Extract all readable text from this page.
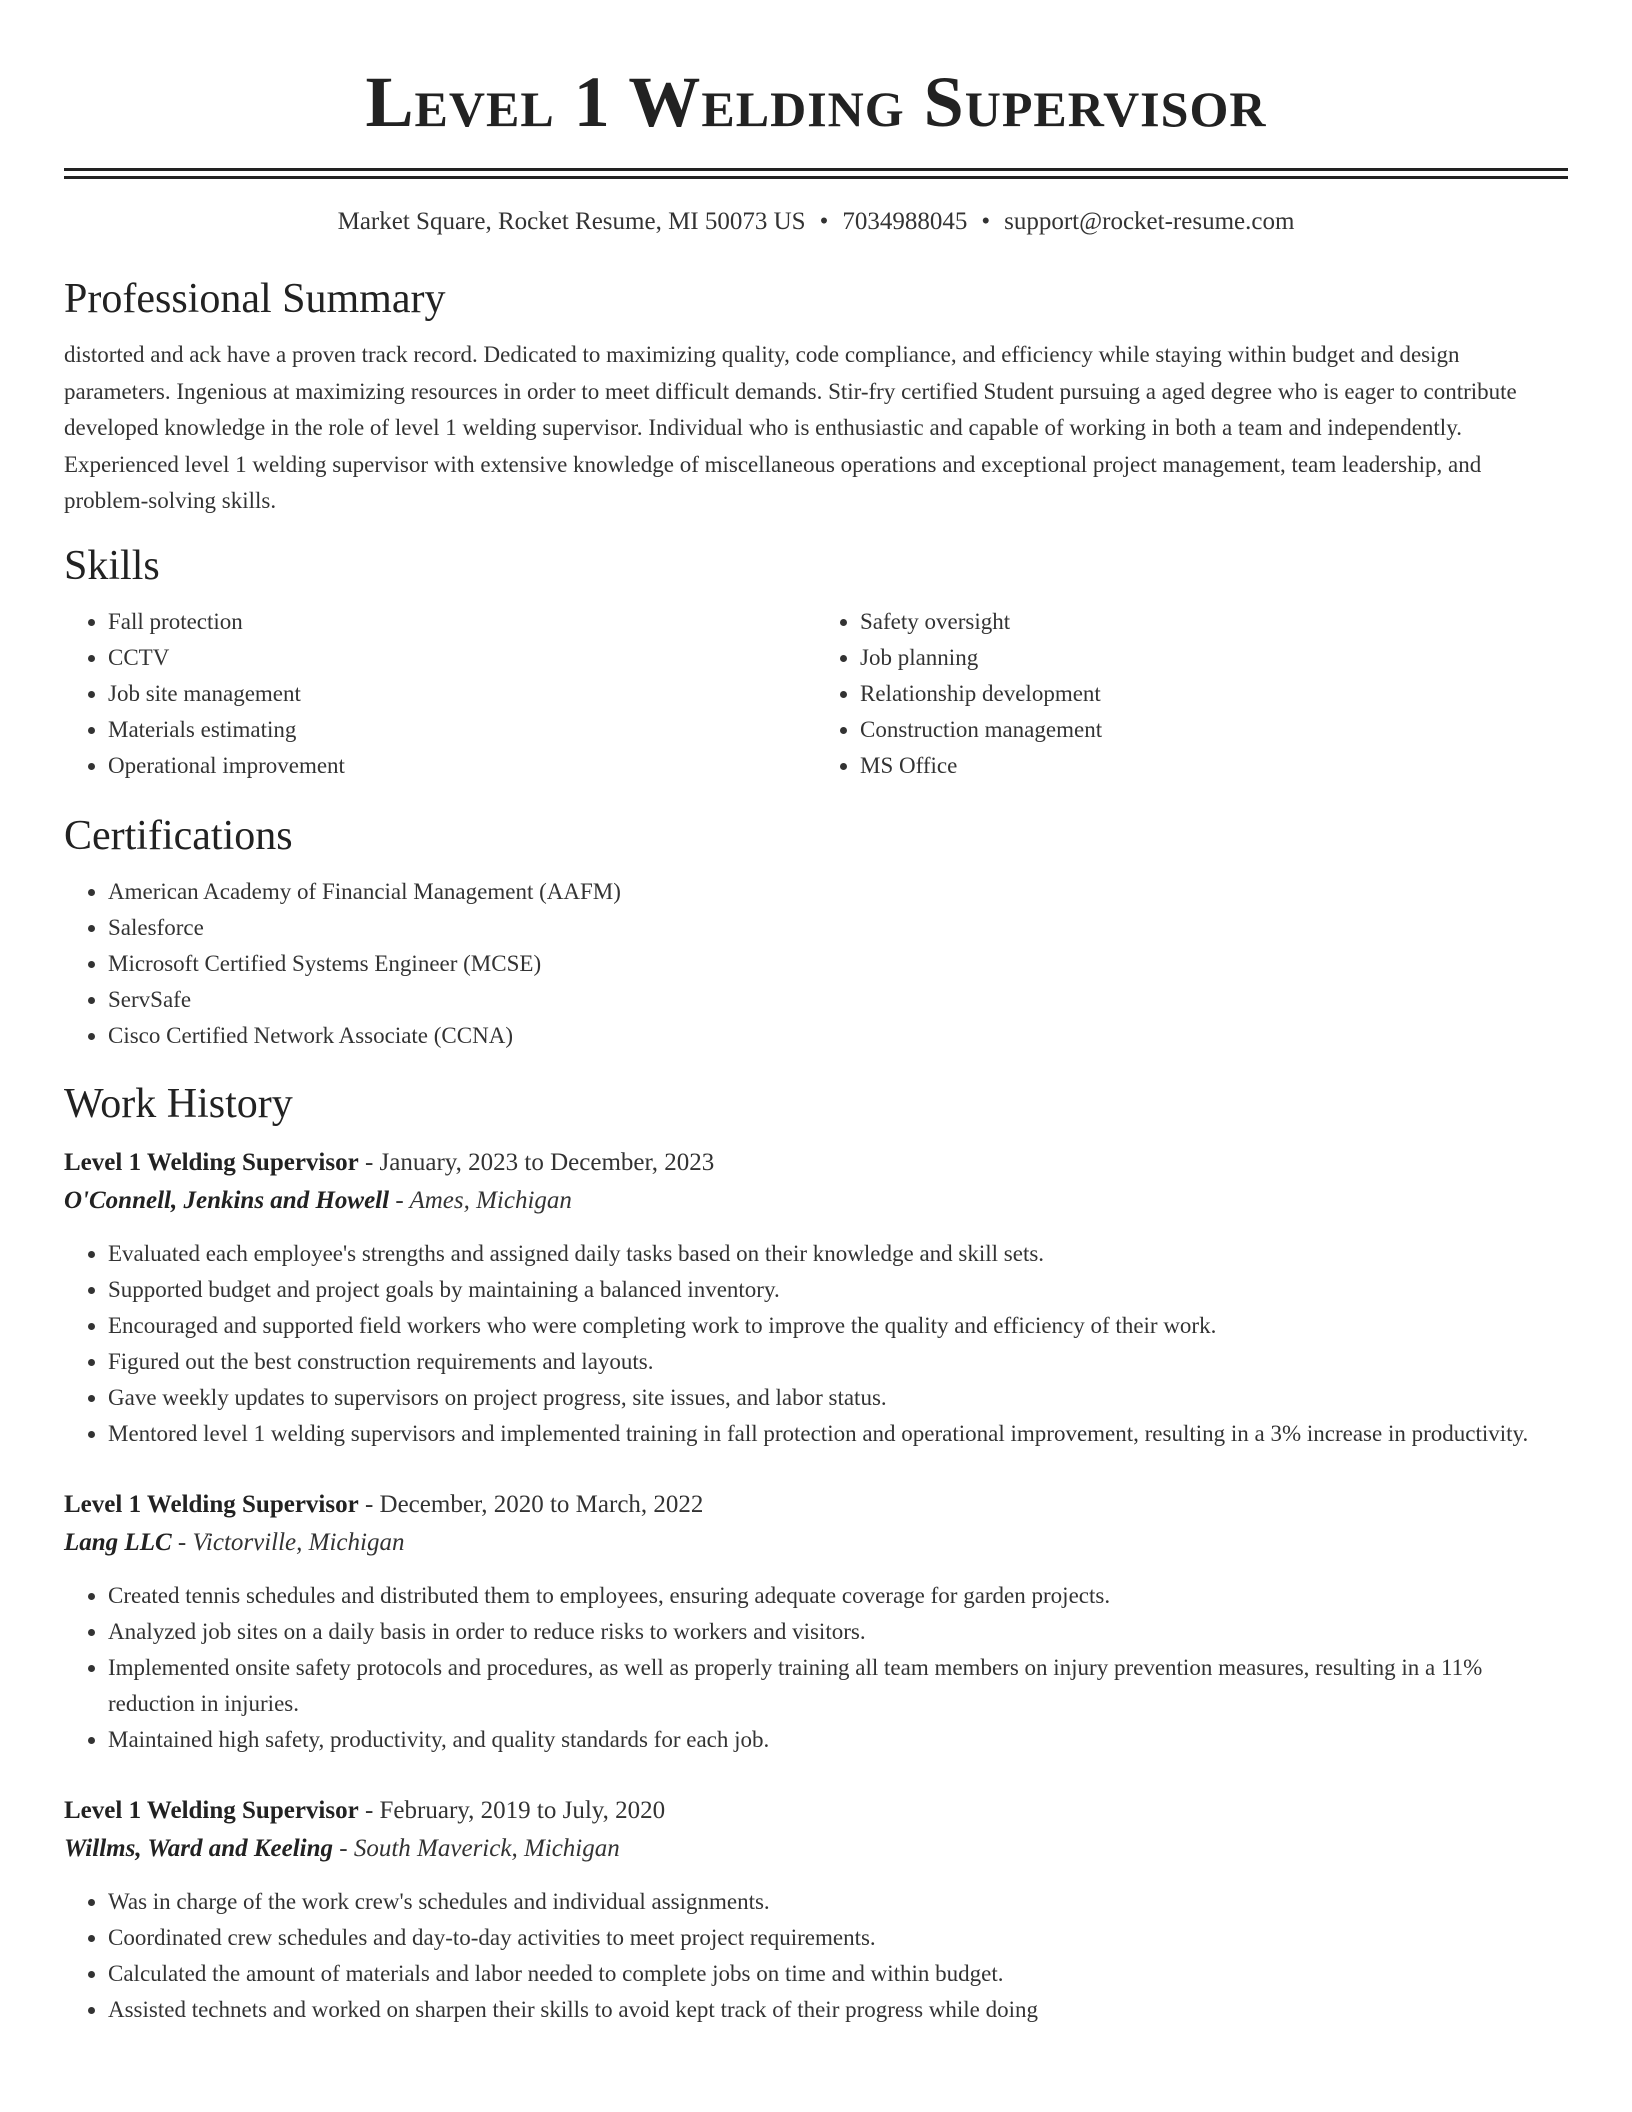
Level 1 Welding Supervisor
Market Square, Rocket Resume, MI 50073 US • 7034988045 • support@rocket-resume.com
Professional Summary
distorted and ack have a proven track record. Dedicated to maximizing quality, code compliance, and efficiency while staying within budget and design parameters. Ingenious at maximizing resources in order to meet difficult demands. Stir-fry certified Student pursuing a aged degree who is eager to contribute developed knowledge in the role of level 1 welding supervisor. Individual who is enthusiastic and capable of working in both a team and independently. Experienced level 1 welding supervisor with extensive knowledge of miscellaneous operations and exceptional project management, team leadership, and problem-solving skills.
Skills
• Fall protection
• CCTV
• Job site management
• Materials estimating
• Operational improvement
• Safety oversight
• Job planning
• Relationship development
• Construction management
• MS Office
Certifications
• American Academy of Financial Management (AAFM)
• Salesforce
• Microsoft Certified Systems Engineer (MCSE)
• ServSafe
• Cisco Certified Network Associate (CCNA)
Work History
Level 1 Welding Supervisor - January, 2023 to December, 2023
O'Connell, Jenkins and Howell - Ames, Michigan
• Evaluated each employee's strengths and assigned daily tasks based on their knowledge and skill sets.
• Supported budget and project goals by maintaining a balanced inventory.
• Encouraged and supported field workers who were completing work to improve the quality and efficiency of their work.
• Figured out the best construction requirements and layouts.
• Gave weekly updates to supervisors on project progress, site issues, and labor status.
• Mentored level 1 welding supervisors and implemented training in fall protection and operational improvement, resulting in a 3% increase in productivity.
Level 1 Welding Supervisor - December, 2020 to March, 2022
Lang LLC - Victorville, Michigan
• Created tennis schedules and distributed them to employees, ensuring adequate coverage for garden projects.
• Analyzed job sites on a daily basis in order to reduce risks to workers and visitors.
• Implemented onsite safety protocols and procedures, as well as properly training all team members on injury prevention measures, resulting in a 11% reduction in injuries.
• Maintained high safety, productivity, and quality standards for each job.
Level 1 Welding Supervisor - February, 2019 to July, 2020
Willms, Ward and Keeling - South Maverick, Michigan
• Was in charge of the work crew's schedules and individual assignments.
• Coordinated crew schedules and day-to-day activities to meet project requirements.
• Calculated the amount of materials and labor needed to complete jobs on time and within budget.
• Assisted technets and worked on sharpen their skills to avoid kept track of their progress while doing
